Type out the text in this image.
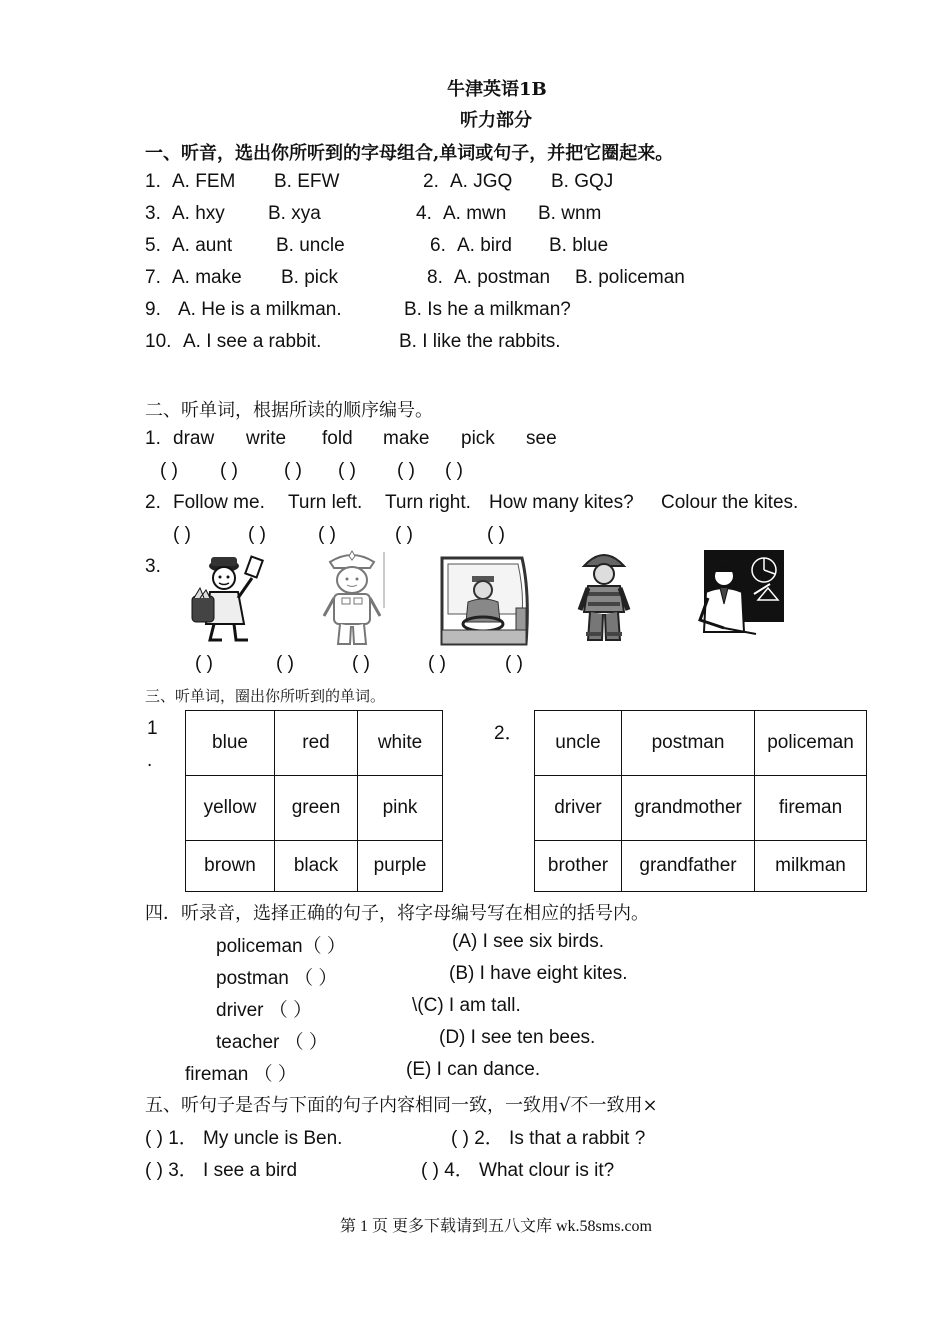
牛津英语1B
听力部分
一、听音，选出你所听到的字母组合,单词或句子，并把它圈起来。
1. A. FEM B. EFW	2. A. JGQ B. GQJ
3. A. hxy B. xya	4. A. mwn B. wnm
5. A. aunt B. uncle	6. A. bird B. blue
7. A. make B. pick	8. A. postman B. policeman
9. A. He is a milkman.	B. Is he a milkman?
10. A. I see a rabbit.	B. I like the rabbits.
二、听单词，根据所读的顺序编号。
1. draw write fold make pick see
( ) ( ) ( ) ( ) ( ) ( )
2. Follow me. Turn left. Turn right. How many kites? Colour the kites.
( )	( )	( )	( )	( )
3.
( )	( )	( )	( )	( )
三、听单词，圈出你所听到的单词。
1
.
2．
blue	red	white
yellow	green	pink
brown	black	purple
uncle	postman	policeman
driver	grandmother	fireman
brother	grandfather	milkman
四．听录音，选择正确的句子，将字母编号写在相应的括号内。
policeman（ ）
postman （ ）
driver （ ）
teacher （ ）
fireman （ ）
(A) I see six birds.
(B) I have eight kites.
\(C) I am tall.
(D) I see ten bees.
(E) I can dance.
五、听句子是否与下面的句子内容相同一致，一致用√不一致用×
( ) 1． My uncle is Ben.	( ) 2． Is that a rabbit ?
( ) 3． I see a bird	( ) 4． What clour is it?
第 1 页 更多下载请到五八文库 wk.58sms.com
